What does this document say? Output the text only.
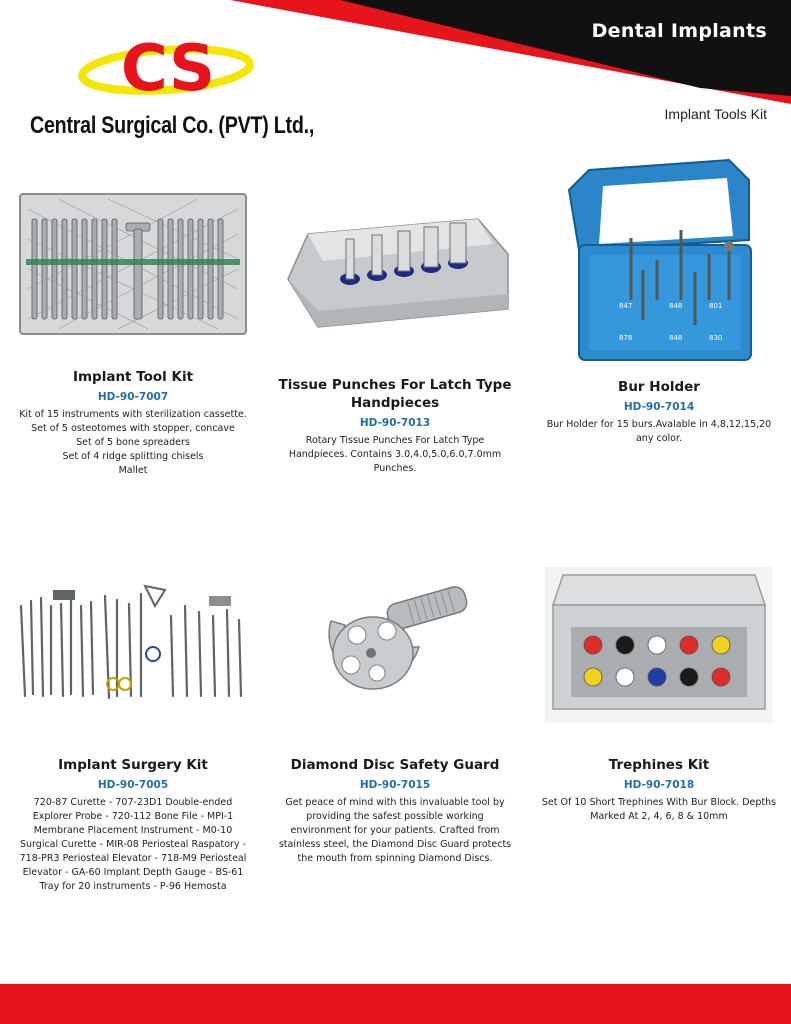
Dental Implants
Implant Tools Kit
CS
Central Surgical Co. (PVT) Ltd.,
Implant Tool Kit
HD-90-7007
Kit of 15 instruments with sterilization cassette.
Set of 5 osteotomes with stopper, concave
Set of 5 bone spreaders
Set of 4 ridge splitting chisels
Mallet
Tissue Punches For Latch Type Handpieces
HD-90-7013
Rotary Tissue Punches For Latch Type
Handpieces. Contains 3.0,4.0,5.0,6.0,7.0mm
Punches.
847	848	801
878	848	830
Bur Holder
HD-90-7014
Bur Holder for 15 burs.Avalable in 4,8,12,15,20
any color.
Implant Surgery Kit
HD-90-7005
720-87 Curette - 707-23D1 Double-ended
Explorer Probe - 720-112 Bone File - MPI-1
Membrane Placement Instrument - M0-10
Surgical Curette - MIR-08 Periosteal Raspatory -
718-PR3 Periosteal Elevator - 718-M9 Periosteal
Elevator - GA-60 Implant Depth Gauge - BS-61
Tray for 20 instruments - P-96 Hemosta
Diamond Disc Safety Guard
HD-90-7015
Get peace of mind with this invaluable tool by
providing the safest possible working
environment for your patients. Crafted from
stainless steel, the Diamond Disc Guard protects
the mouth from spinning Diamond Discs.
Trephines Kit
HD-90-7018
Set Of 10 Short Trephines With Bur Block. Depths
Marked At 2, 4, 6, 8 & 10mm
